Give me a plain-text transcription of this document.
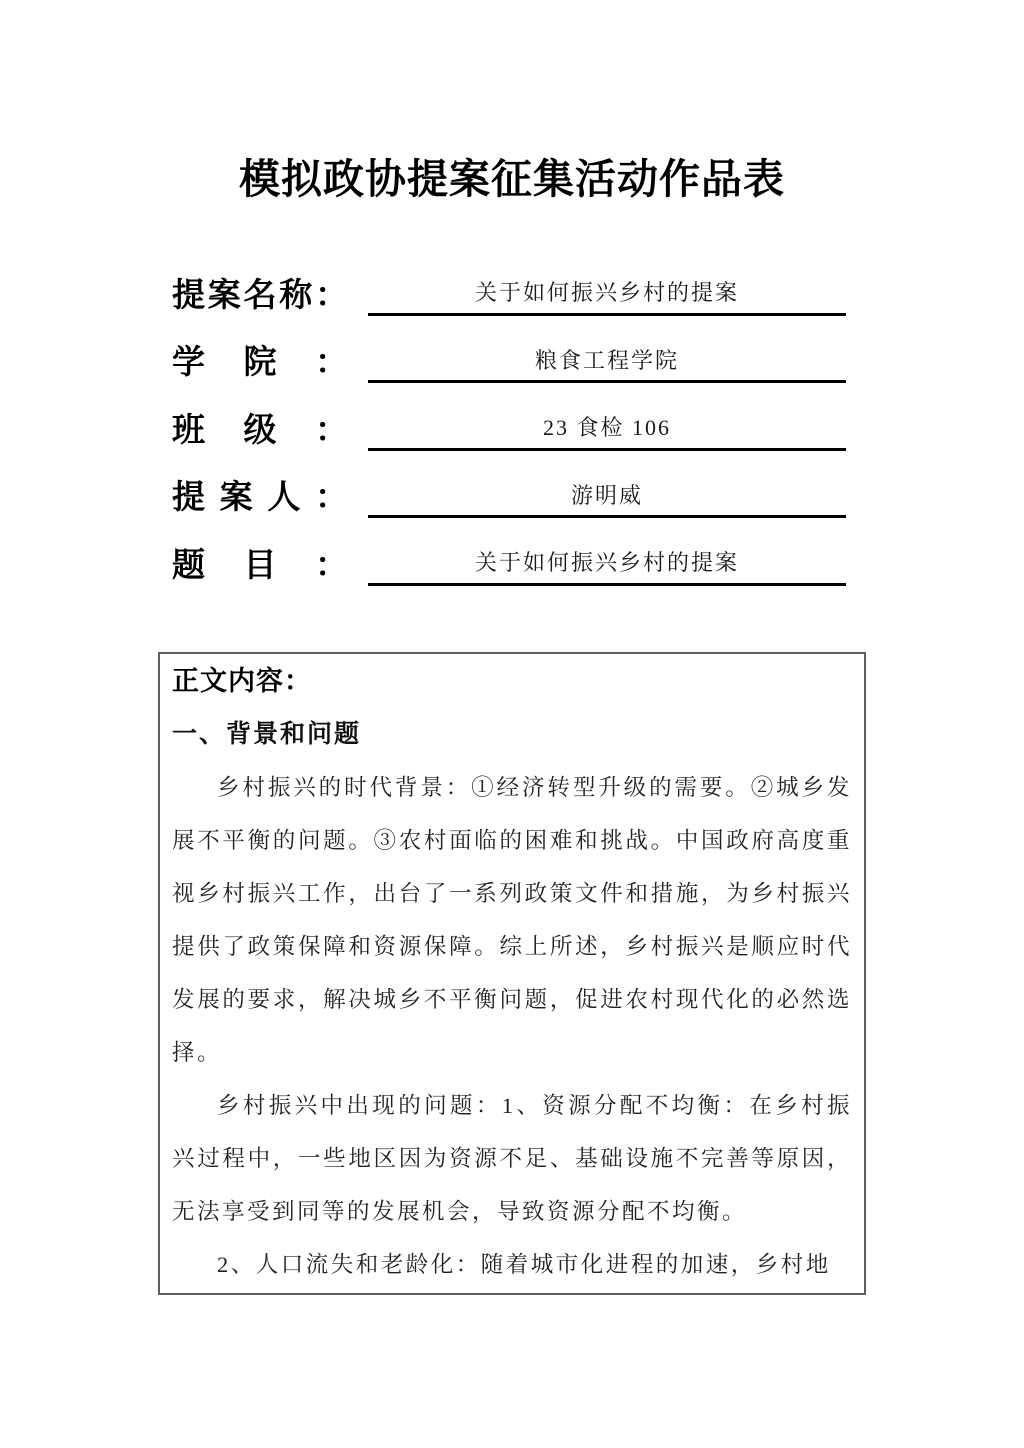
模拟政协提案征集活动作品表
提案名称：	关于如何振兴乡村的提案
学院：	粮食工程学院
班级：	23 食检 106
提案人：	游明威
题目：	关于如何振兴乡村的提案
正文内容：
一、背景和问题

乡村振兴的时代背景：①经济转型升级的需要。②城乡发展不平衡的问题。③农村面临的困难和挑战。中国政府高度重视乡村振兴工作，出台了一系列政策文件和措施，为乡村振兴提供了政策保障和资源保障。综上所述，乡村振兴是顺应时代发展的要求，解决城乡不平衡问题，促进农村现代化的必然选择。

乡村振兴中出现的问题：1、资源分配不均衡：在乡村振兴过程中，一些地区因为资源不足、基础设施不完善等原因，无法享受到同等的发展机会，导致资源分配不均衡。

2、人口流失和老龄化：随着城市化进程的加速，乡村地
